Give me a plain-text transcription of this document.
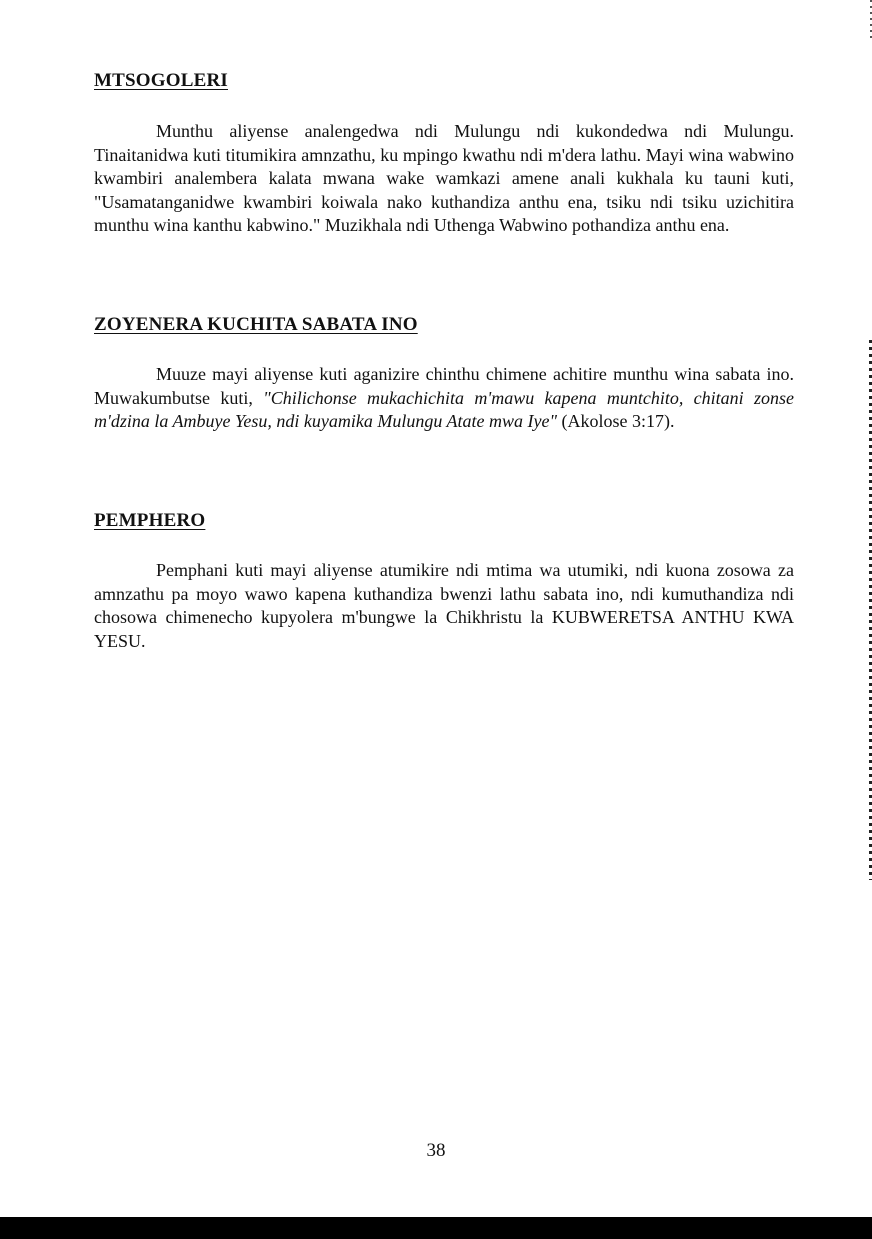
MTSOGOLERI

Munthu aliyense analengedwa ndi Mulungu ndi kukondedwa ndi Mulungu. Tinaitanidwa kuti titumikira amnzathu, ku mpingo kwathu ndi m'dera lathu. Mayi wina wabwino kwambiri analembera kalata mwana wake wamkazi amene anali kukhala ku tauni kuti, "Usamatanganidwe kwambiri koiwala nako kuthandiza anthu ena, tsiku ndi tsiku uzichitira munthu wina kanthu kabwino." Muzikhala ndi Uthenga Wabwino pothandiza anthu ena.

ZOYENERA KUCHITA SABATA INO

Muuze mayi aliyense kuti aganizire chinthu chimene achitire munthu wina sabata ino. Muwakumbutse kuti, "Chilichonse mukachichita m'mawu kapena muntchito, chitani zonse m'dzina la Ambuye Yesu, ndi kuyamika Mulungu Atate mwa Iye" (Akolose 3:17).

PEMPHERO

Pemphani kuti mayi aliyense atumikire ndi mtima wa utumiki, ndi kuona zosowa za amnzathu pa moyo wawo kapena kuthandiza bwenzi lathu sabata ino, ndi kumuthandiza ndi chosowa chimenecho kupyolera m'bungwe la Chikhristu la KUBWERETSA ANTHU KWA YESU.

38
